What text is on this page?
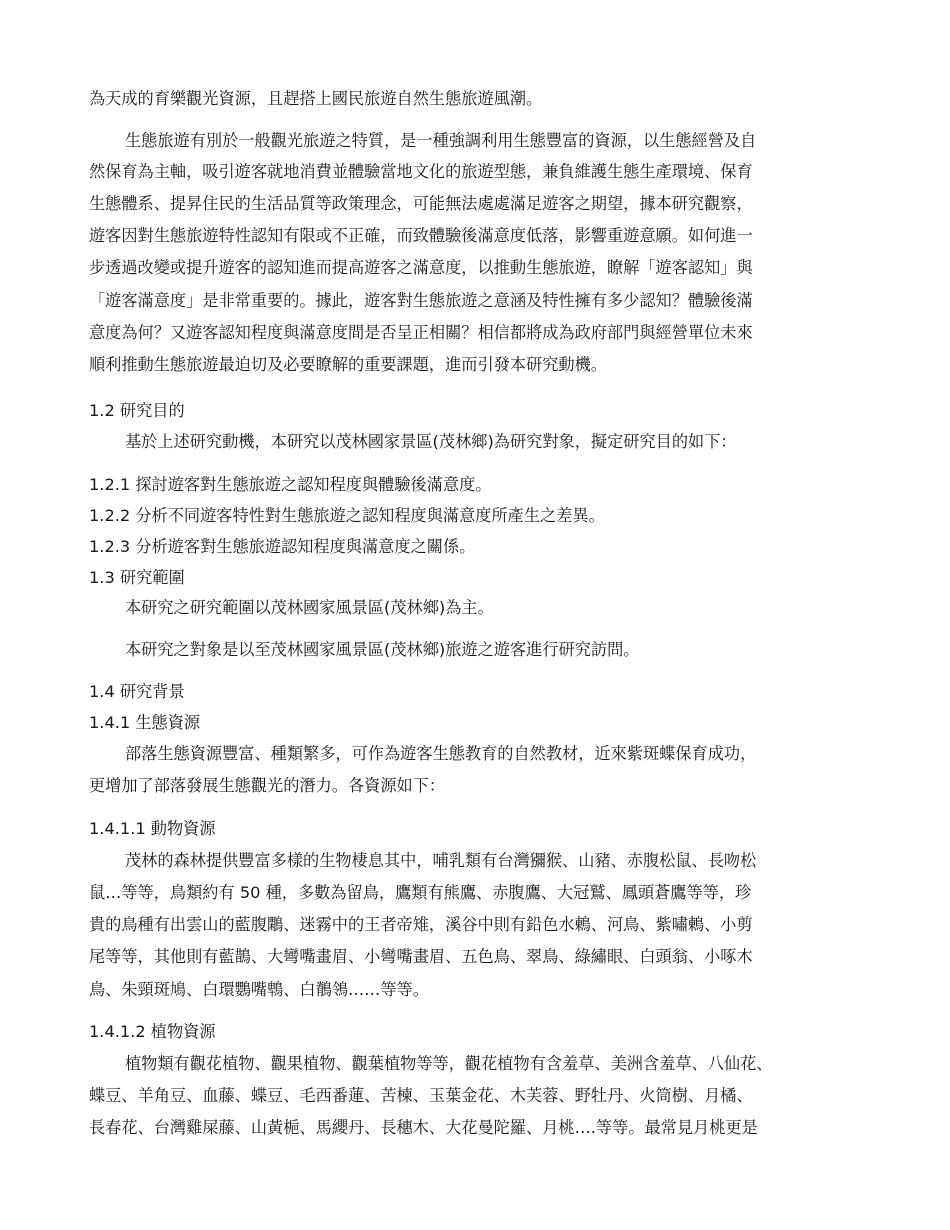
為天成的育樂觀光資源，且趕搭上國民旅遊自然生態旅遊風潮。
生態旅遊有別於一般觀光旅遊之特質，是一種強調利用生態豐富的資源，以生態經營及自
然保育為主軸，吸引遊客就地消費並體驗當地文化的旅遊型態，兼負維護生態生產環境、保育
生態體系、提昇住民的生活品質等政策理念，可能無法處處滿足遊客之期望，據本研究觀察，
遊客因對生態旅遊特性認知有限或不正確，而致體驗後滿意度低落，影響重遊意願。如何進一
步透過改變或提升遊客的認知進而提高遊客之滿意度，以推動生態旅遊，瞭解「遊客認知」與
「遊客滿意度」是非常重要的。據此，遊客對生態旅遊之意涵及特性擁有多少認知？體驗後滿
意度為何？又遊客認知程度與滿意度間是否呈正相關？相信都將成為政府部門與經營單位未來
順利推動生態旅遊最迫切及必要瞭解的重要課題，進而引發本研究動機。
1.2 研究目的
基於上述研究動機，本研究以茂林國家景區(茂林鄉)為研究對象，擬定研究目的如下：
1.2.1 探討遊客對生態旅遊之認知程度與體驗後滿意度。
1.2.2 分析不同遊客特性對生態旅遊之認知程度與滿意度所產生之差異。
1.2.3 分析遊客對生態旅遊認知程度與滿意度之關係。
1.3 研究範圍
本研究之研究範圍以茂林國家風景區(茂林鄉)為主。
本研究之對象是以至茂林國家風景區(茂林鄉)旅遊之遊客進行研究訪問。
1.4 研究背景
1.4.1 生態資源
部落生態資源豐富、種類繁多，可作為遊客生態教育的自然教材，近來紫斑蝶保育成功，
更增加了部落發展生態觀光的潛力。各資源如下：
1.4.1.1 動物資源
茂林的森林提供豐富多樣的生物棲息其中，哺乳類有台灣獼猴、山豬、赤腹松鼠、長吻松
鼠…等等，鳥類約有 50 種，多數為留鳥，鷹類有熊鷹、赤腹鷹、大冠鷲、鳳頭蒼鷹等等，珍
貴的鳥種有出雲山的藍腹鷴、迷霧中的王者帝雉，溪谷中則有鉛色水鶇、河鳥、紫嘯鶇、小剪
尾等等，其他則有藍鵲、大彎嘴畫眉、小彎嘴畫眉、五色鳥、翠鳥、綠繡眼、白頭翁、小啄木
鳥、朱頸斑鳩、白環鸚嘴鵯、白鶺鴒……等等。
1.4.1.2 植物資源
植物類有觀花植物、觀果植物、觀葉植物等等，觀花植物有含羞草、美洲含羞草、八仙花、
蝶豆、羊角豆、血藤、蝶豆、毛西番蓮、苦楝、玉葉金花、木芙蓉、野牡丹、火筒樹、月橘、
長春花、台灣雞屎藤、山黃梔、馬纓丹、長穗木、大花曼陀羅、月桃….等等。最常見月桃更是
